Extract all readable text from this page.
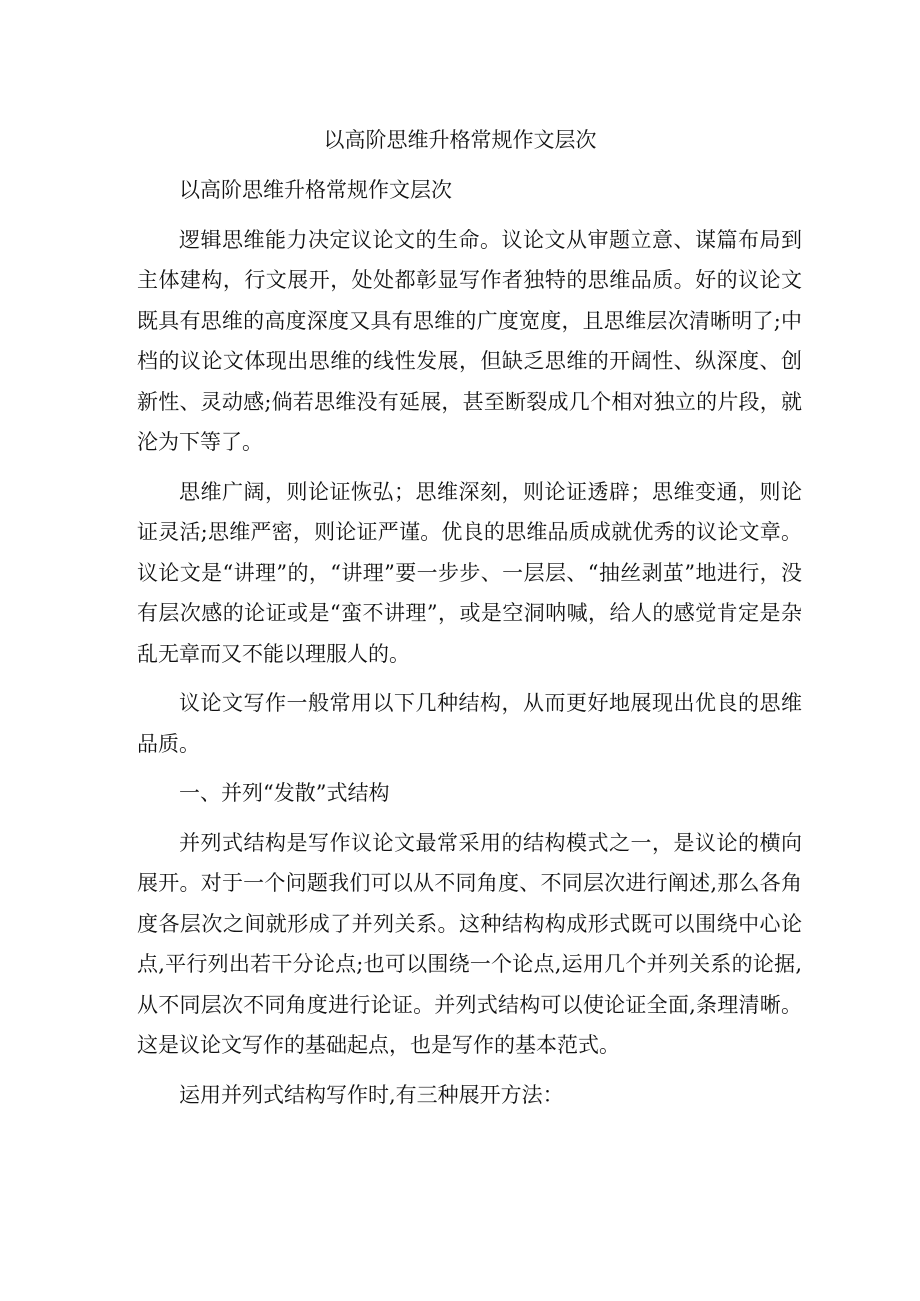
以高阶思维升格常规作文层次

以高阶思维升格常规作文层次

逻辑思维能力决定议论文的生命。议论文从审题立意、谋篇布局到主体建构，行文展开，处处都彰显写作者独特的思维品质。好的议论文既具有思维的高度深度又具有思维的广度宽度，且思维层次清晰明了;中档的议论文体现出思维的线性发展，但缺乏思维的开阔性、纵深度、创新性、灵动感;倘若思维没有延展，甚至断裂成几个相对独立的片段，就沦为下等了。

思维广阔，则论证恢弘；思维深刻，则论证透辟；思维变通，则论证灵活;思维严密，则论证严谨。优良的思维品质成就优秀的议论文章。议论文是“讲理”的，“讲理”要一步步、一层层、“抽丝剥茧”地进行，没有层次感的论证或是“蛮不讲理”，或是空洞呐喊，给人的感觉肯定是杂乱无章而又不能以理服人的。

议论文写作一般常用以下几种结构，从而更好地展现出优良的思维品质。

一、并列“发散”式结构

并列式结构是写作议论文最常采用的结构模式之一，是议论的横向展开。对于一个问题我们可以从不同角度、不同层次进行阐述,那么各角度各层次之间就形成了并列关系。这种结构构成形式既可以围绕中心论点,平行列出若干分论点;也可以围绕一个论点,运用几个并列关系的论据,从不同层次不同角度进行论证。并列式结构可以使论证全面,条理清晰。这是议论文写作的基础起点，也是写作的基本范式。

运用并列式结构写作时,有三种展开方法：
